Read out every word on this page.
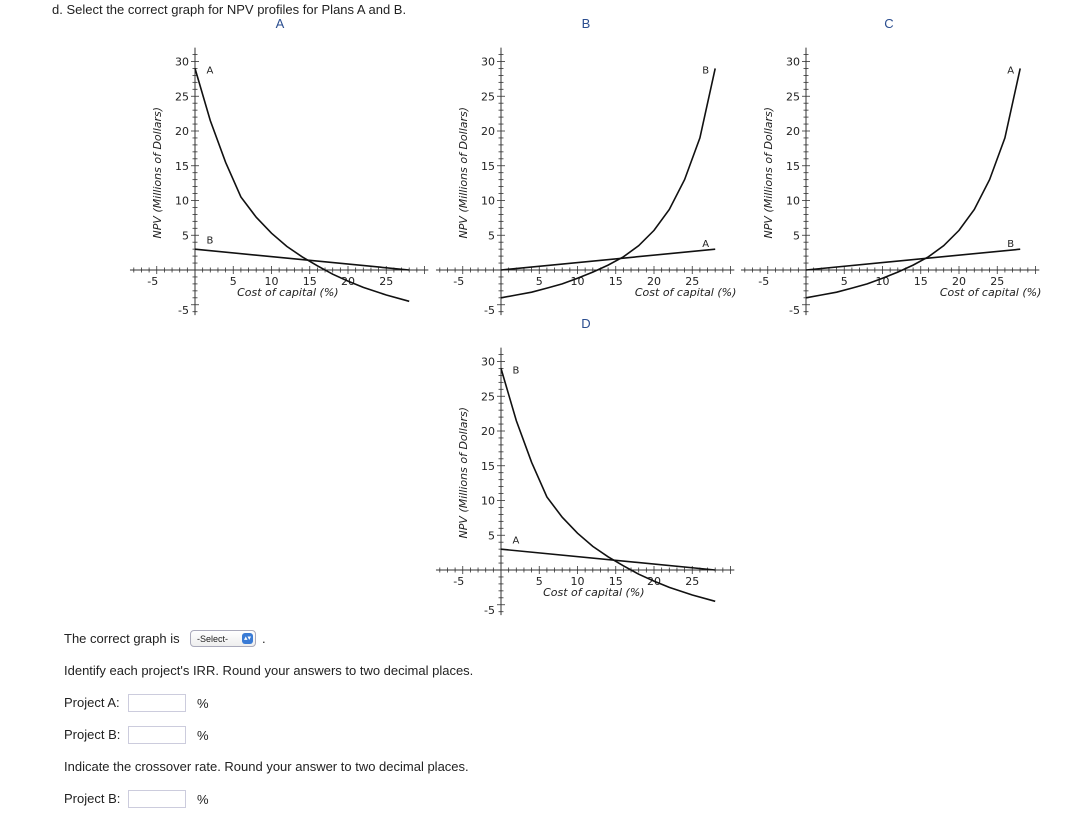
d. Select the correct graph for NPV profiles for Plans A and B.
A	B	C
D
-5	5	10 15 20 25
30
25
20
15
10
5
-5
NPV (Millions of Dollars)
Cost of capital (%)
A
B
-5	5	10 15 20 25
30
25
20
15
10
5
-5
NPV (Millions of Dollars)
Cost of capital (%)
B
A
-5	5	10 15 20 25
30
25
20
15
10
5
-5
NPV (Millions of Dollars)
Cost of capital (%)
A
B
-5	5	10 15 20 25
30
25
20
15
10
5
-5
NPV (Millions of Dollars)
Cost of capital (%)
B
A
The correct graph is	-Select- ▴▾ .
Identify each project's IRR. Round your answers to two decimal places.
Project A:	%
Project B:	%
Indicate the crossover rate. Round your answer to two decimal places.
Project B:	%
